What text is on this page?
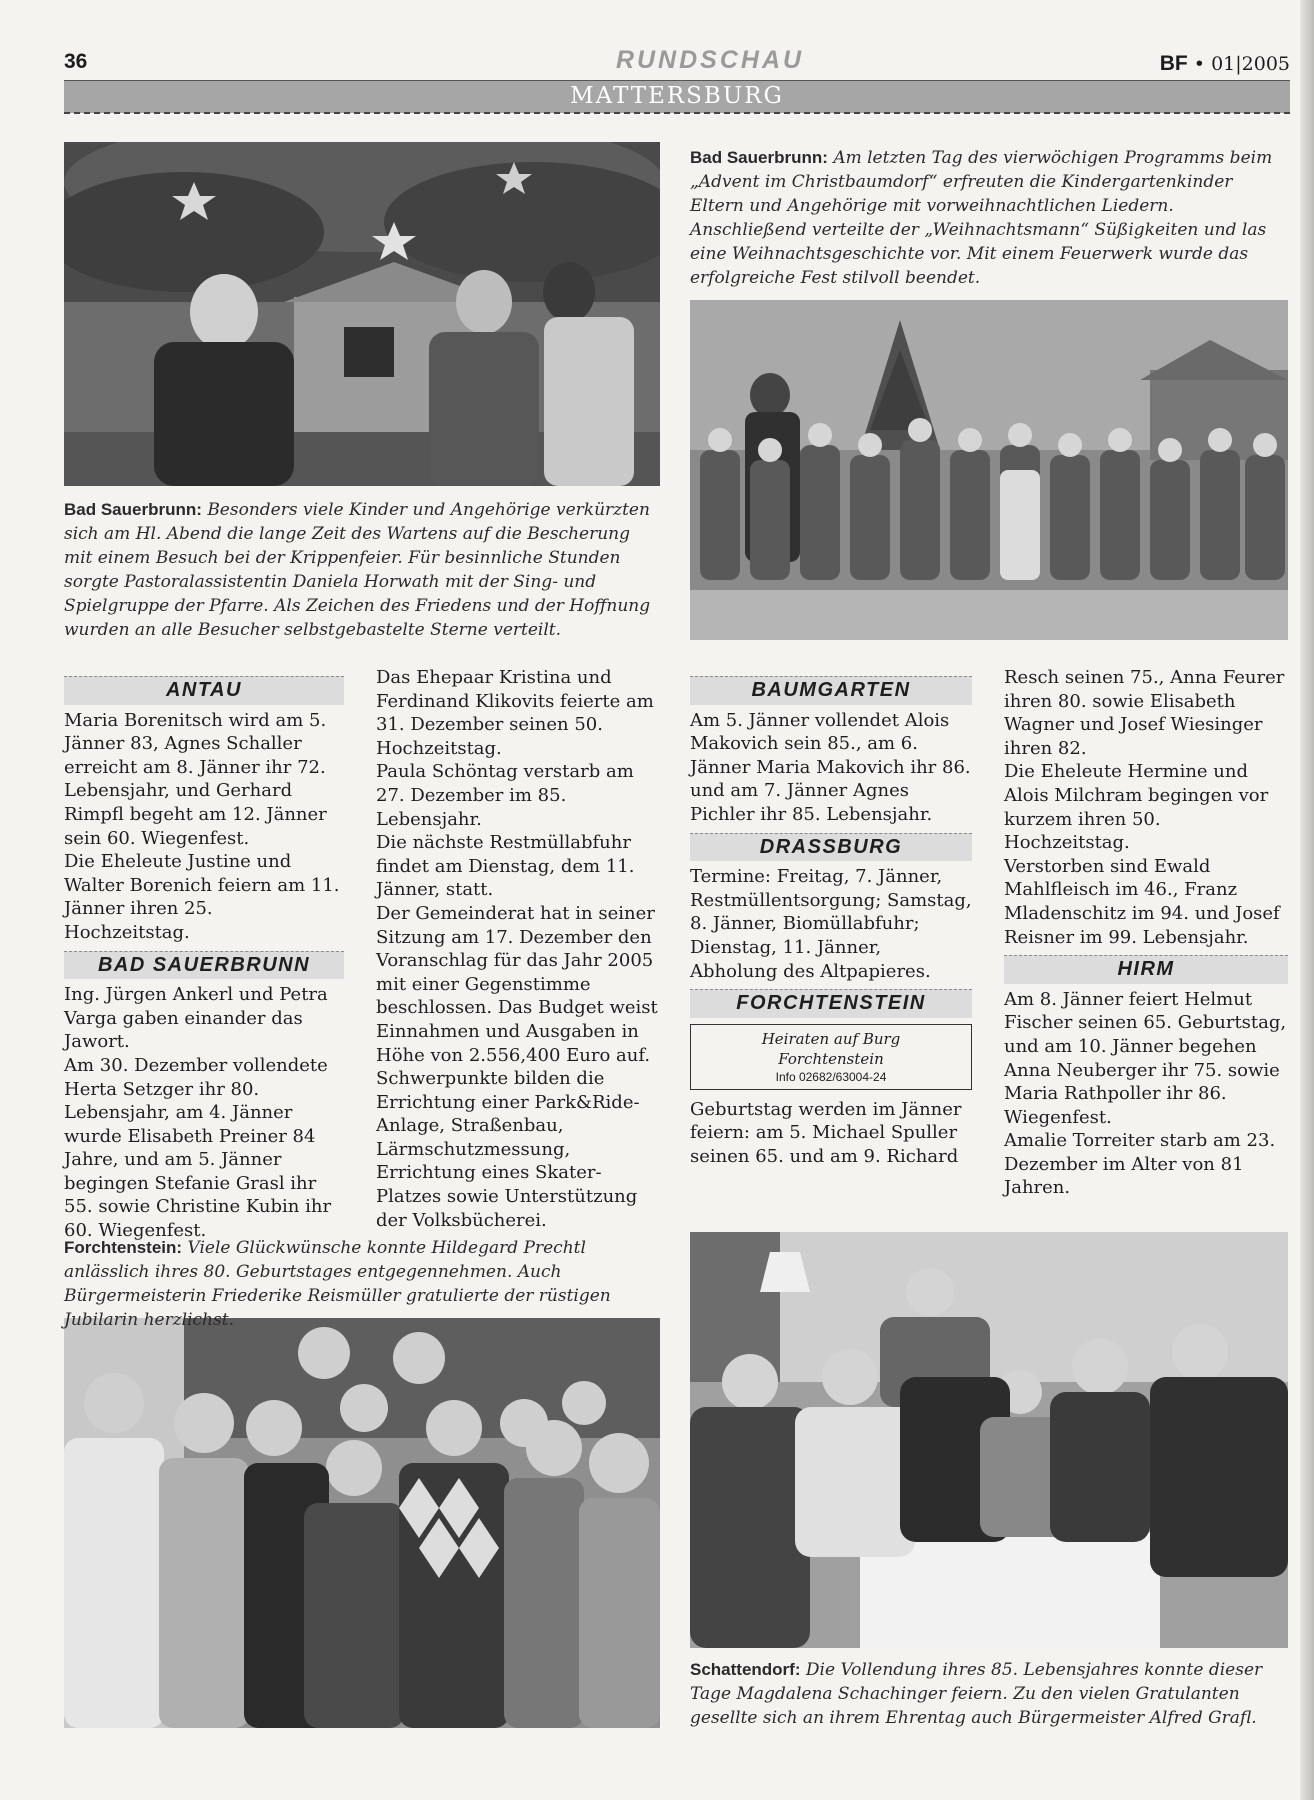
36	RUNDSCHAU	BF • 01|2005
MATTERSBURG
Bad Sauerbrunn: Am letzten Tag des vierwöchigen Programms beim „Advent im Christbaumdorf“ erfreuten die Kindergartenkinder Eltern und Angehörige mit vorweihnachtlichen Liedern. Anschließend verteilte der „Weihnachtsmann“ Süßigkeiten und las eine Weihnachtsgeschichte vor. Mit einem Feuerwerk wurde das erfolgreiche Fest stilvoll beendet.
Bad Sauerbrunn: Besonders viele Kinder und Angehörige verkürzten sich am Hl. Abend die lange Zeit des Wartens auf die Bescherung mit einem Besuch bei der Krippenfeier. Für besinnliche Stunden sorgte Pastoralassistentin Daniela Horwath mit der Sing- und Spielgruppe der Pfarre. Als Zeichen des Friedens und der Hoffnung wurden an alle Besucher selbstgebastelte Sterne verteilt.
Forchtenstein: Viele Glückwünsche konnte Hildegard Prechtl anlässlich ihres 80. Geburtstages entgegennehmen. Auch Bürgermeisterin Friederike Reismüller gratulierte der rüstigen Jubilarin herzlichst.
Schattendorf: Die Vollendung ihres 85. Lebensjahres konnte dieser Tage Magdalena Schachinger feiern. Zu den vielen Gratulanten gesellte sich an ihrem Ehrentag auch Bürgermeister Alfred Grafl.
ANTAU

Maria Borenitsch wird am 5. Jänner 83, Agnes Schaller erreicht am 8. Jänner ihr 72. Lebensjahr, und Gerhard Rimpfl begeht am 12. Jänner sein 60. Wiegenfest.

Die Eheleute Justine und Walter Borenich feiern am 11. Jänner ihren 25. Hochzeitstag.

BAD SAUERBRUNN

Ing. Jürgen Ankerl und Petra Varga gaben einander das Jawort.

Am 30. Dezember vollendete Herta Setzger ihr 80. Lebensjahr, am 4. Jänner wurde Elisabeth Preiner 84 Jahre, und am 5. Jänner begingen Stefanie Grasl ihr 55. sowie Christine Kubin ihr 60. Wiegenfest.

Das Ehepaar Kristina und Ferdinand Klikovits feierte am 31. Dezember seinen 50. Hochzeitstag.

Paula Schöntag verstarb am 27. Dezember im 85. Lebensjahr.

Die nächste Restmüllabfuhr findet am Dienstag, dem 11. Jänner, statt.

Der Gemeinderat hat in seiner Sitzung am 17. Dezember den Voranschlag für das Jahr 2005 mit einer Gegenstimme beschlossen. Das Budget weist Einnahmen und Ausgaben in Höhe von 2.556,400 Euro auf. Schwerpunkte bilden die Errichtung einer Park&Ride-Anlage, Straßenbau, Lärmschutzmessung, Errichtung eines Skater-Platzes sowie Unterstützung der Volksbücherei.

BAUMGARTEN

Am 5. Jänner vollendet Alois Makovich sein 85., am 6. Jänner Maria Makovich ihr 86. und am 7. Jänner Agnes Pichler ihr 85. Lebensjahr.

DRASSBURG

Termine: Freitag, 7. Jänner, Restmüllentsorgung; Samstag, 8. Jänner, Biomüllabfuhr; Dienstag, 11. Jänner, Abholung des Altpapieres.

FORCHTENSTEIN
Heiraten auf Burg
Forchtenstein
Info 02682/63004-24

Geburtstag werden im Jänner feiern: am 5. Michael Spuller seinen 65. und am 9. Richard

Resch seinen 75., Anna Feurer ihren 80. sowie Elisabeth Wagner und Josef Wiesinger ihren 82.

Die Eheleute Hermine und Alois Milchram begingen vor kurzem ihren 50. Hochzeitstag.

Verstorben sind Ewald Mahlfleisch im 46., Franz Mladenschitz im 94. und Josef Reisner im 99. Lebensjahr.

HIRM

Am 8. Jänner feiert Helmut Fischer seinen 65. Geburtstag, und am 10. Jänner begehen Anna Neuberger ihr 75. sowie Maria Rathpoller ihr 86. Wiegenfest.

Amalie Torreiter starb am 23. Dezember im Alter von 81 Jahren.
